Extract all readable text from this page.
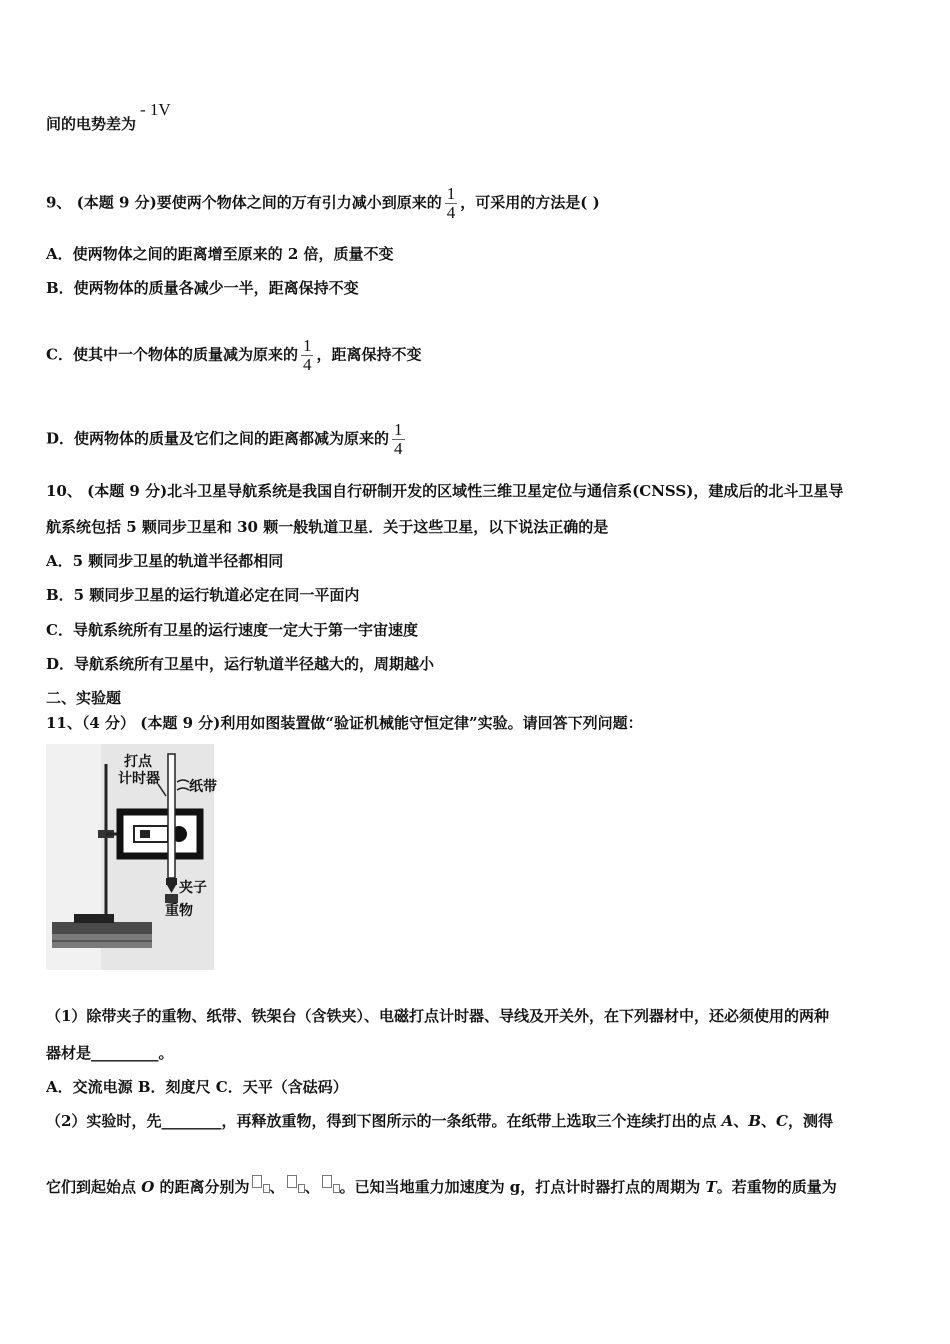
间的电势差为- 1V
9、 (本题 9 分)要使两个物体之间的万有引力减小到原来的 $\frac{1}{4}$ ，可采用的方法是( )
A．使两物体之间的距离增至原来的 2 倍，质量不变
B．使两物体的质量各减少一半，距离保持不变
C．使其中一个物体的质量减为原来的 $\frac{1}{4}$ ，距离保持不变
D．使两物体的质量及它们之间的距离都减为原来的 $\frac{1}{4}$
10、 (本题 9 分)北斗卫星导航系统是我国自行研制开发的区域性三维卫星定位与通信系(CNSS)，建成后的北斗卫星导
航系统包括 5 颗同步卫星和 30 颗一般轨道卫星．关于这些卫星，以下说法正确的是
A．5 颗同步卫星的轨道半径都相同
B．5 颗同步卫星的运行轨道必定在同一平面内
C．导航系统所有卫星的运行速度一定大于第一宇宙速度
D．导航系统所有卫星中，运行轨道半径越大的，周期越小
二、实验题
11、（4 分） (本题 9 分)利用如图装置做“验证机械能守恒定律”实验。请回答下列问题：
打点
计时器 纸带
夹子
重物
（1）除带夹子的重物、纸带、铁架台（含铁夹）、电磁打点计时器、导线及开关外，在下列器材中，还必须使用的两种
器材是_________。
A．交流电源 B．刻度尺 C．天平（含砝码）
（2）实验时，先________，再释放重物，得到下图所示的一条纸带。在纸带上选取三个连续打出的点 A、B、C，测得
它们到起始点 O 的距离分别为 、 、 。已知当地重力加速度为 g，打点计时器打点的周期为 T。若重物的质量为
